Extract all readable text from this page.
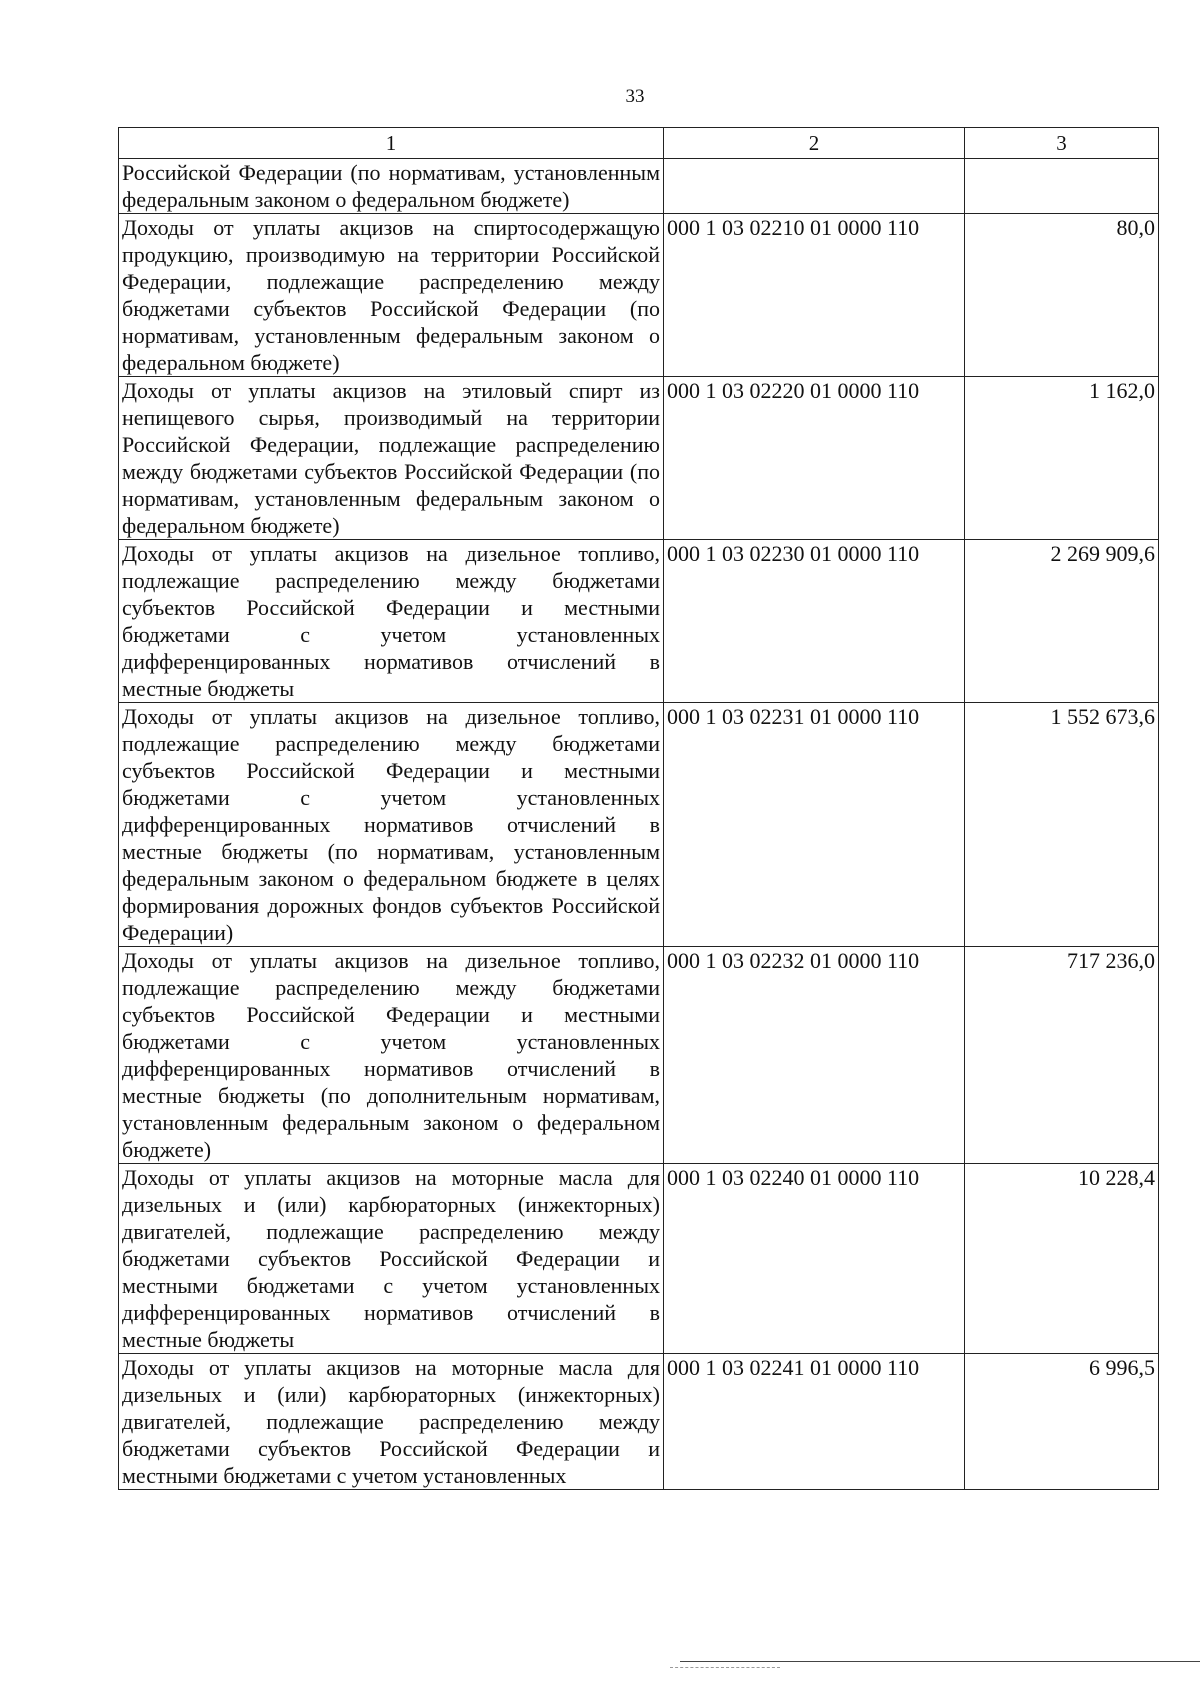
33
1	2	3
Российской Федерации (по нормативам, установленным федеральным законом о федеральном бюджете)		
Доходы от уплаты акцизов на спиртосодержащую продукцию, производимую на территории Российской Федерации, подлежащие распределению между бюджетами субъектов Российской Федерации (по нормативам, установленным федеральным законом о федеральном бюджете)	000 1 03 02210 01 0000 110	80,0
Доходы от уплаты акцизов на этиловый спирт из непищевого сырья, производимый на территории Российской Федерации, подлежащие распределению между бюджетами субъектов Российской Федерации (по нормативам, установленным федеральным законом о федеральном бюджете)	000 1 03 02220 01 0000 110	1 162,0
Доходы от уплаты акцизов на дизельное топливо, подлежащие распределению между бюджетами субъектов Российской Федерации и местными бюджетами с учетом установленных дифференцированных нормативов отчислений в местные бюджеты	000 1 03 02230 01 0000 110	2 269 909,6
Доходы от уплаты акцизов на дизельное топливо, подлежащие распределению между бюджетами субъектов Российской Федерации и местными бюджетами с учетом установленных дифференцированных нормативов отчислений в местные бюджеты (по нормативам, установленным федеральным законом о федеральном бюджете в целях формирования дорожных фондов субъектов Российской Федерации)	000 1 03 02231 01 0000 110	1 552 673,6
Доходы от уплаты акцизов на дизельное топливо, подлежащие распределению между бюджетами субъектов Российской Федерации и местными бюджетами с учетом установленных дифференцированных нормативов отчислений в местные бюджеты (по дополнительным нормативам, установленным федеральным законом о федеральном бюджете)	000 1 03 02232 01 0000 110	717 236,0
Доходы от уплаты акцизов на моторные масла для дизельных и (или) карбюраторных (инжекторных) двигателей, подлежащие распределению между бюджетами субъектов Российской Федерации и местными бюджетами с учетом установленных дифференцированных нормативов отчислений в местные бюджеты	000 1 03 02240 01 0000 110	10 228,4
Доходы от уплаты акцизов на моторные масла для дизельных и (или) карбюраторных (инжекторных) двигателей, подлежащие распределению между бюджетами субъектов Российской Федерации и местными бюджетами с учетом установленных	000 1 03 02241 01 0000 110	6 996,5
